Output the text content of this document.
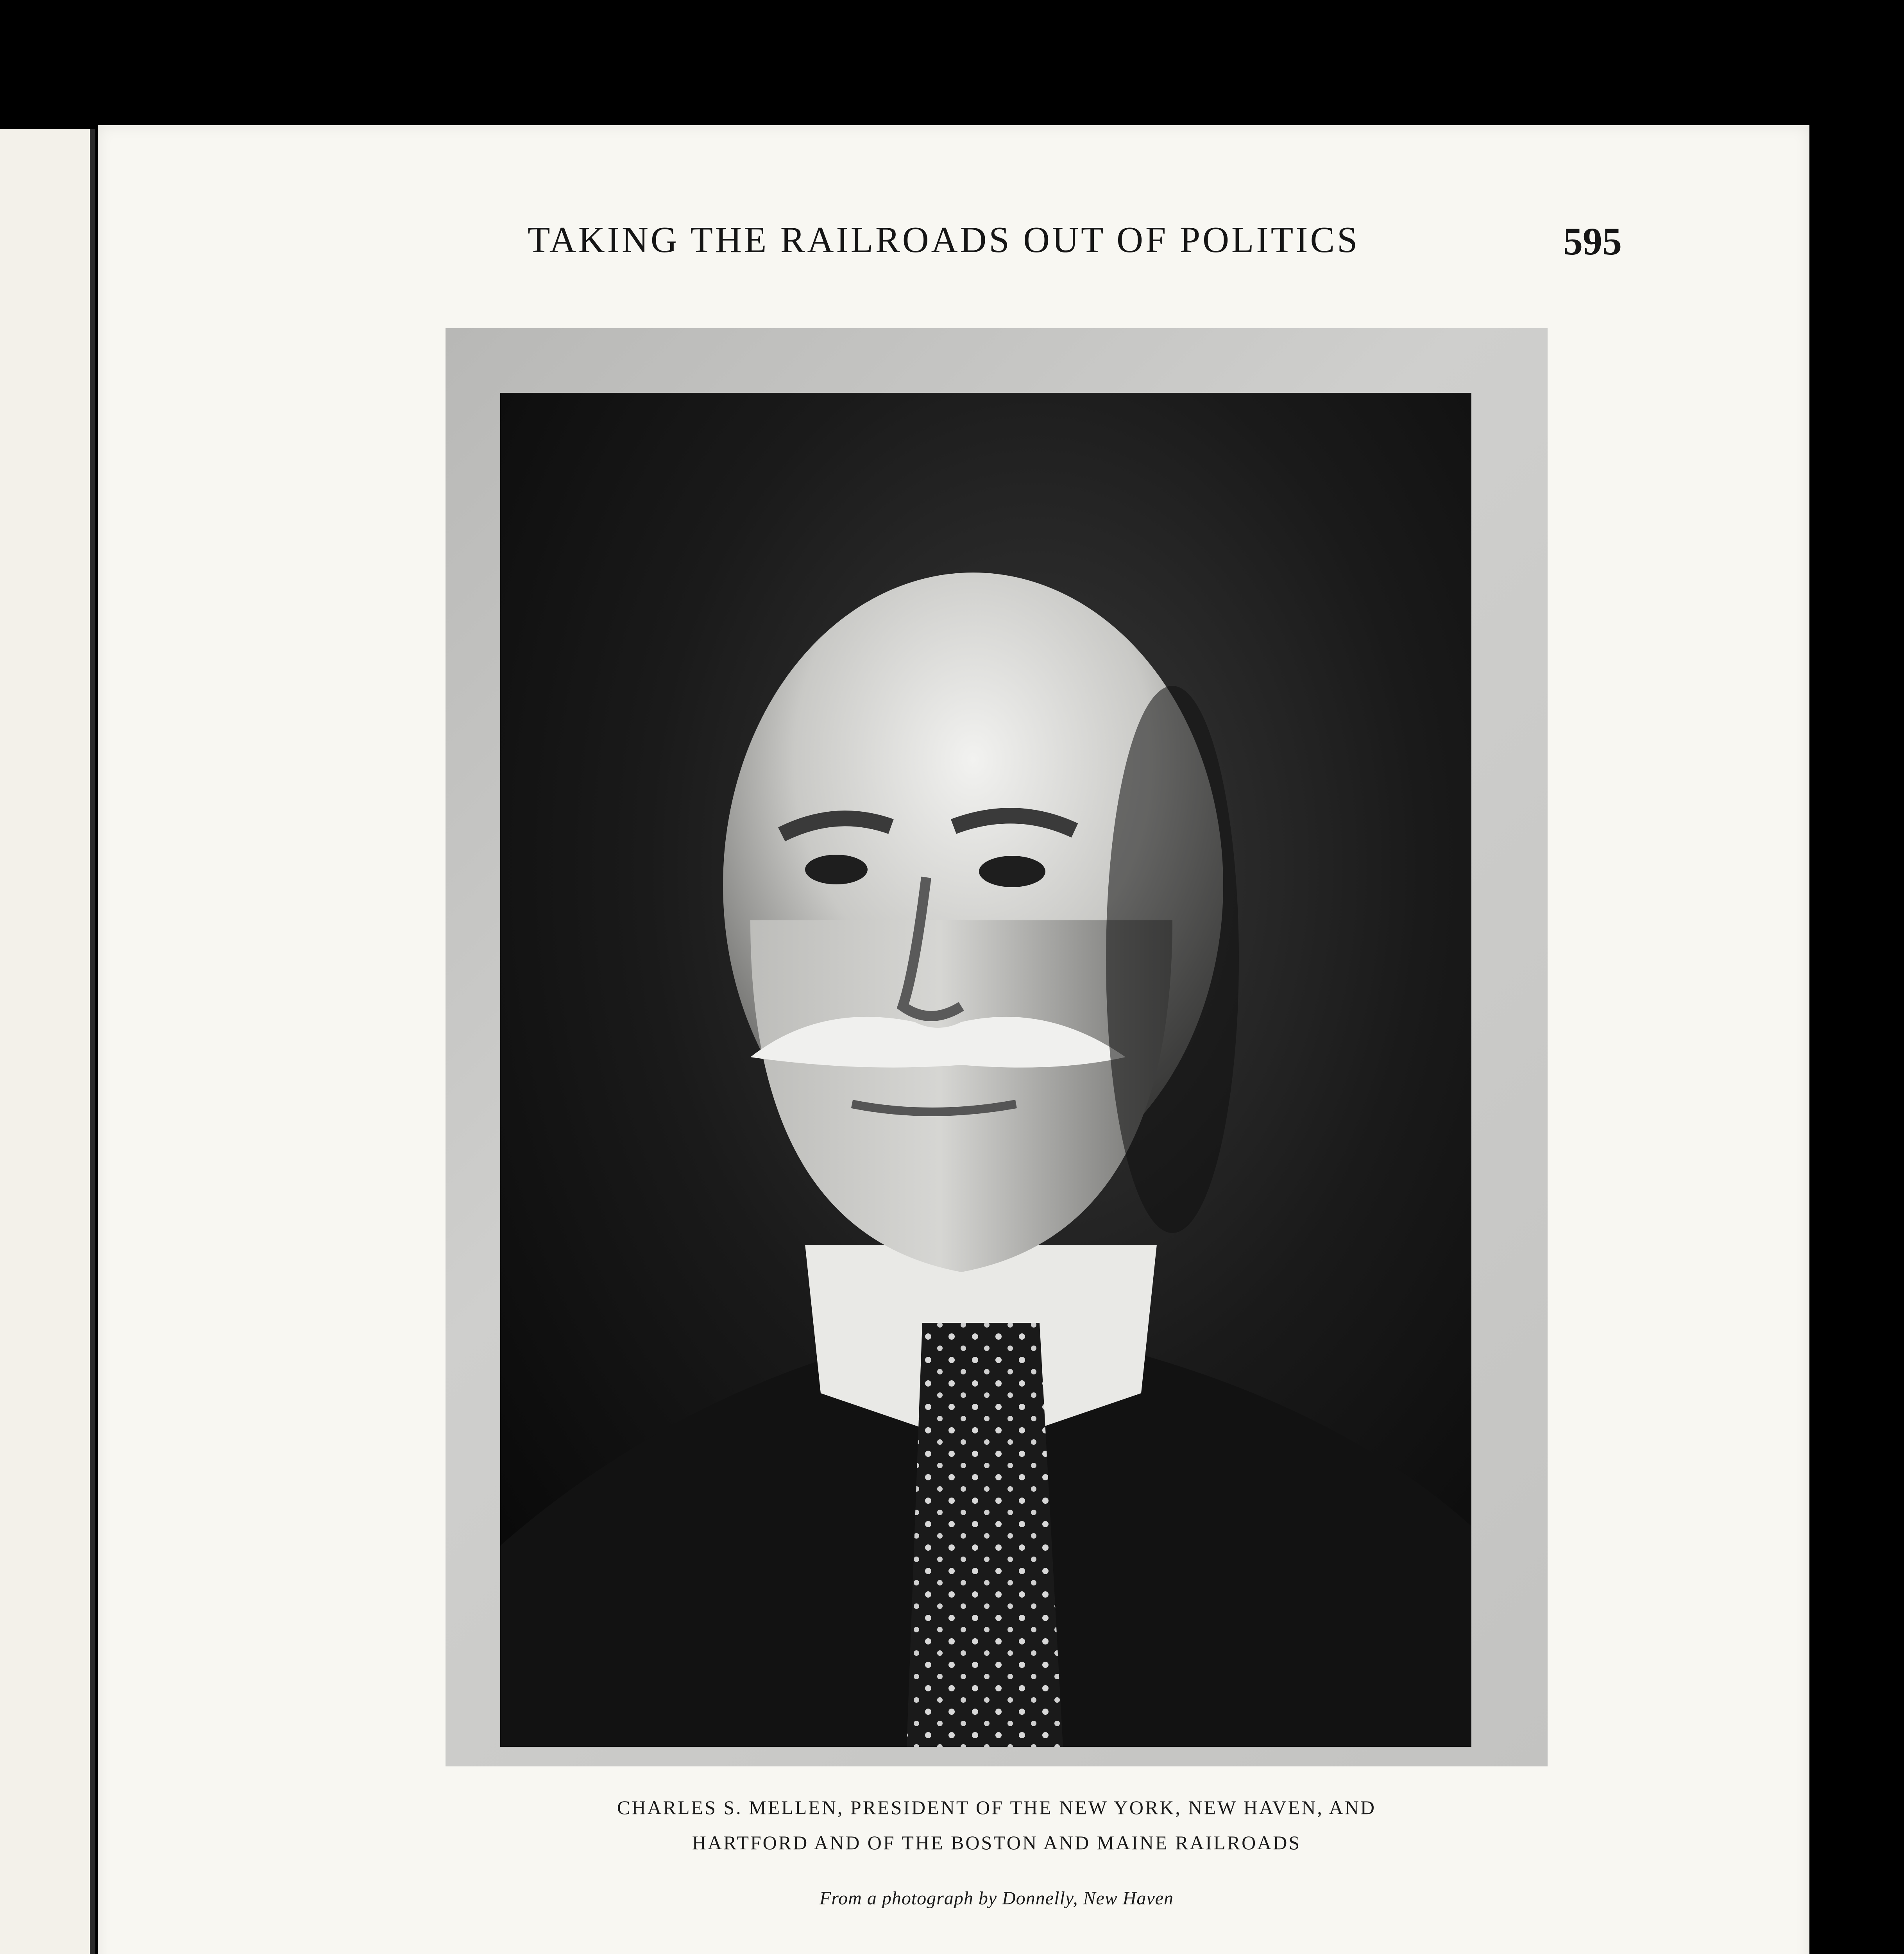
TAKING THE RAILROADS OUT OF POLITICS	595
CHARLES S. MELLEN, PRESIDENT OF THE NEW YORK, NEW HAVEN, AND
HARTFORD AND OF THE BOSTON AND MAINE RAILROADS
From a photograph by Donnelly, New Haven
